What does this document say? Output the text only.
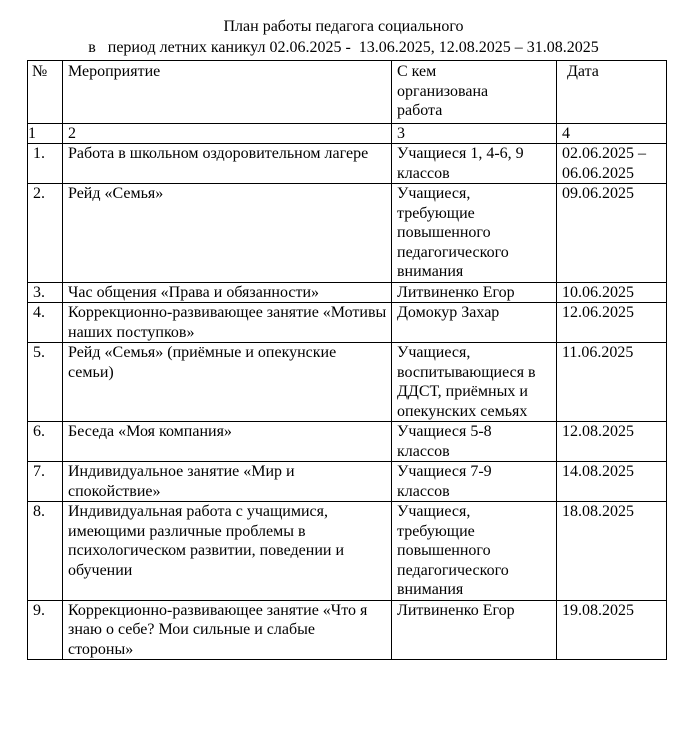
План работы педагога социального
в   период летних каникул 02.06.2025 -  13.06.2025, 12.08.2025 – 31.08.2025
№	Мероприятие	С кем организована работа	Дата
1	2	3	4
1.	Работа в школьном оздоровительном лагере	Учащиеся 1, 4-6, 9 классов	02.06.2025 – 06.06.2025
2.	Рейд «Семья»	Учащиеся, требующие повышенного педагогического внимания	09.06.2025
3.	Час общения «Права и обязанности»	Литвиненко Егор	10.06.2025
4.	Коррекционно-развивающее занятие «Мотивы наших поступков»	Домокур Захар	12.06.2025
5.	Рейд «Семья» (приёмные и опекунские семьи)	Учащиеся, воспитывающиеся в ДДСТ, приёмных и опекунских семьях	11.06.2025
6.	Беседа «Моя компания»	Учащиеся 5-8 классов	12.08.2025
7.	Индивидуальное занятие «Мир и спокойствие»	Учащиеся 7-9 классов	14.08.2025
8.	Индивидуальная работа с учащимися, имеющими различные проблемы в психологическом развитии, поведении и обучении	Учащиеся, требующие повышенного педагогического внимания	18.08.2025
9.	Коррекционно-развивающее занятие «Что я знаю о себе? Мои сильные и слабые стороны»	Литвиненко Егор	19.08.2025
